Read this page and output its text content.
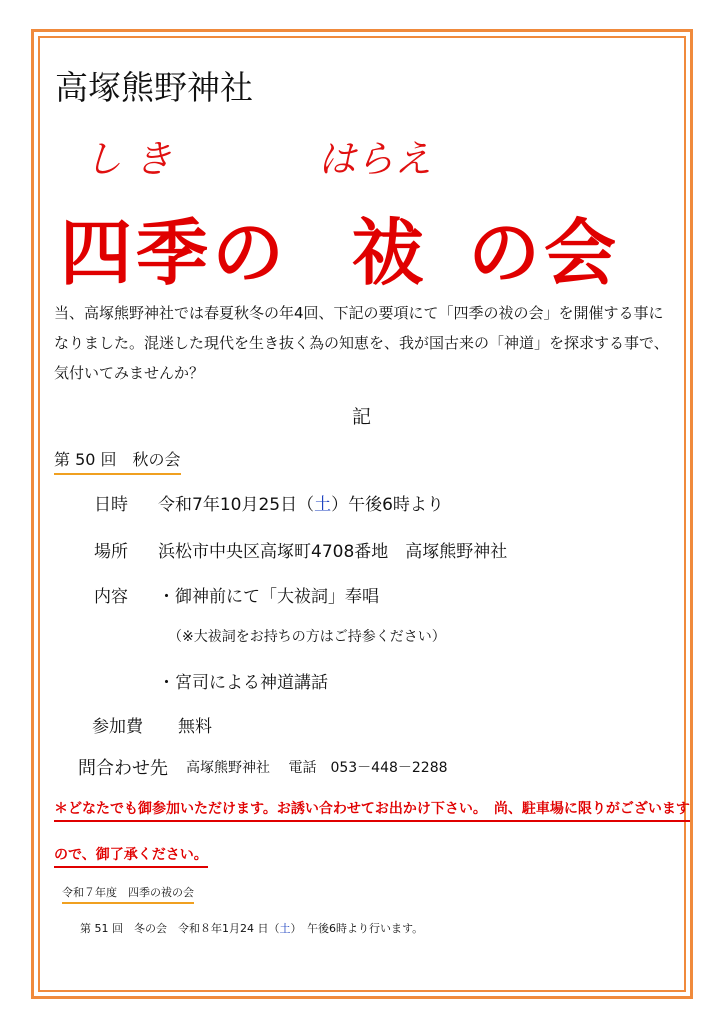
高塚熊野神社
し き	はらえ
四季の 祓 の会
当、高塚熊野神社では春夏秋冬の年4回、下記の要項にて「四季の祓の会」を開催する事になりました。混迷した現代を生き抜く為の知恵を、我が国古来の「神道」を探求する事で、気付いてみませんか？
記
第 50 回　秋の会
日時 令和7年10月25日（土）午後6時より
場所 浜松市中央区高塚町4708番地　高塚熊野神社
内容 ・御神前にて「大祓詞」奉唱
（※大祓詞をお持ちの方はご持参ください）
・宮司による神道講話
参加費 無料
問合わせ先 高塚熊野神社　 電話　053－448－2288
＊どなたでも御参加いただけます。お誘い合わせてお出かけ下さい。　尚、駐車場に限りがございます
ので、御了承ください。
令和７年度　四季の祓の会
第 51 回　冬の会　令和８年1月24 日（土）　午後6時より行います。
